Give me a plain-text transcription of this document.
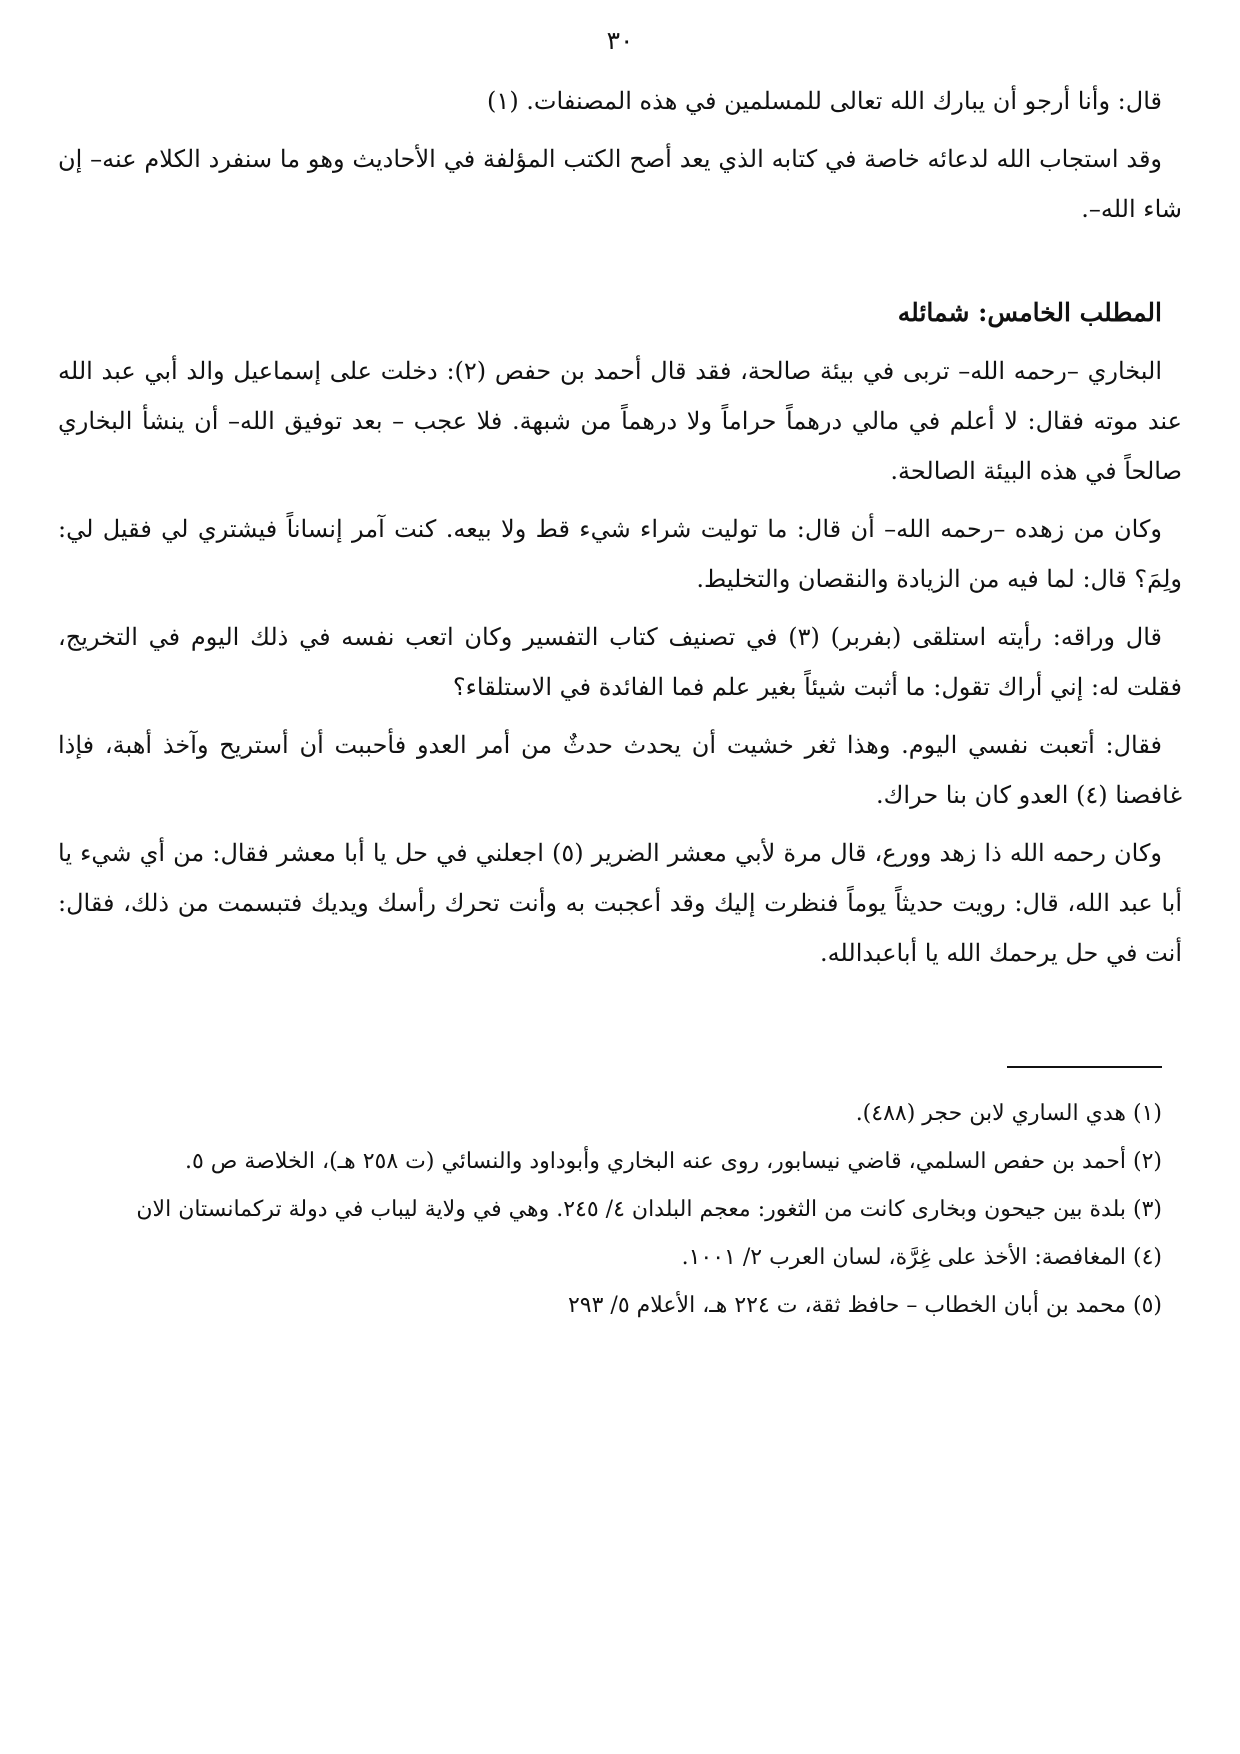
٣٠

قال: وأنا أرجو أن يبارك الله تعالى للمسلمين في هذه المصنفات. (١)

وقد استجاب الله لدعائه خاصة في كتابه الذي يعد أصح الكتب المؤلفة في الأحاديث وهو ما سنفرد الكلام عنه– إن شاء الله–.

المطلب الخامس: شمائله

البخاري –رحمه الله– تربى في بيئة صالحة، فقد قال أحمد بن حفص (٢): دخلت على إسماعيل والد أبي عبد الله عند موته فقال: لا أعلم في مالي درهماً حراماً ولا درهماً من شبهة. فلا عجب – بعد توفيق الله– أن ينشأ البخاري صالحاً في هذه البيئة الصالحة.

وكان من زهده –رحمه الله– أن قال: ما توليت شراء شيء قط ولا بيعه. كنت آمر إنساناً فيشتري لي فقيل لي: ولِمَ؟ قال: لما فيه من الزيادة والنقصان والتخليط.

قال وراقه: رأيته استلقى (بفربر) (٣) في تصنيف كتاب التفسير وكان اتعب نفسه في ذلك اليوم في التخريج، فقلت له: إني أراك تقول: ما أثبت شيئاً بغير علم فما الفائدة في الاستلقاء؟

فقال: أتعبت نفسي اليوم. وهذا ثغر خشيت أن يحدث حدثٌ من أمر العدو فأحببت أن أستريح وآخذ أهبة، فإذا غافصنا (٤) العدو كان بنا حراك.

وكان رحمه الله ذا زهد وورع، قال مرة لأبي معشر الضرير (٥) اجعلني في حل يا أبا معشر فقال: من أي شيء يا أبا عبد الله، قال: رويت حديثاً يوماً فنظرت إليك وقد أعجبت به وأنت تحرك رأسك ويديك فتبسمت من ذلك، فقال: أنت في حل يرحمك الله يا أباعبدالله.

(١) هدي الساري لابن حجر (٤٨٨).

(٢) أحمد بن حفص السلمي، قاضي نيسابور، روى عنه البخاري وأبوداود والنسائي (ت ٢٥٨ هـ)، الخلاصة ص ٥.

(٣) بلدة بين جيحون وبخارى كانت من الثغور: معجم البلدان ٤/ ٢٤٥. وهي في ولاية ليباب في دولة تركمانستان الان

(٤) المغافصة: الأخذ على غِرَّة، لسان العرب ٢/ ١٠٠١.

(٥) محمد بن أبان الخطاب – حافظ ثقة، ت ٢٢٤ هـ، الأعلام ٥/ ٢٩٣
